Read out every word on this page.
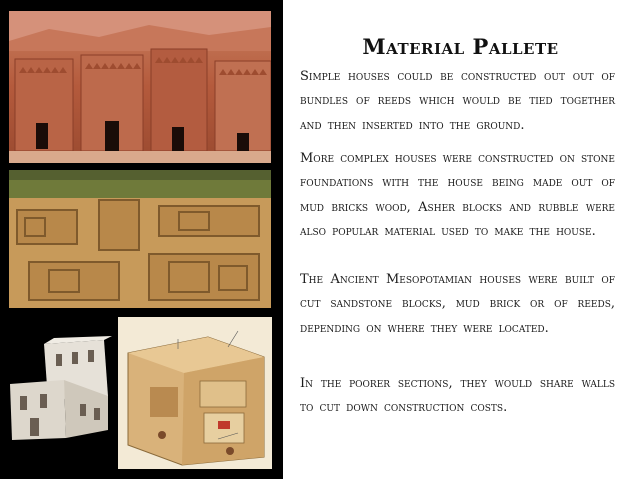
Material Pallete

Simple houses could be constructed out out of bundles of reeds which would be tied together and then inserted into the ground.

More complex houses were constructed on stone foundations with the house being made out of mud bricks wood, Asher blocks and rubble were also popular material used to make the house.

The Ancient Mesopotamian houses were built of cut sandstone blocks, mud brick or of reeds, depending on where they were located.

In the poorer sections, they would share walls to cut down construction costs.
